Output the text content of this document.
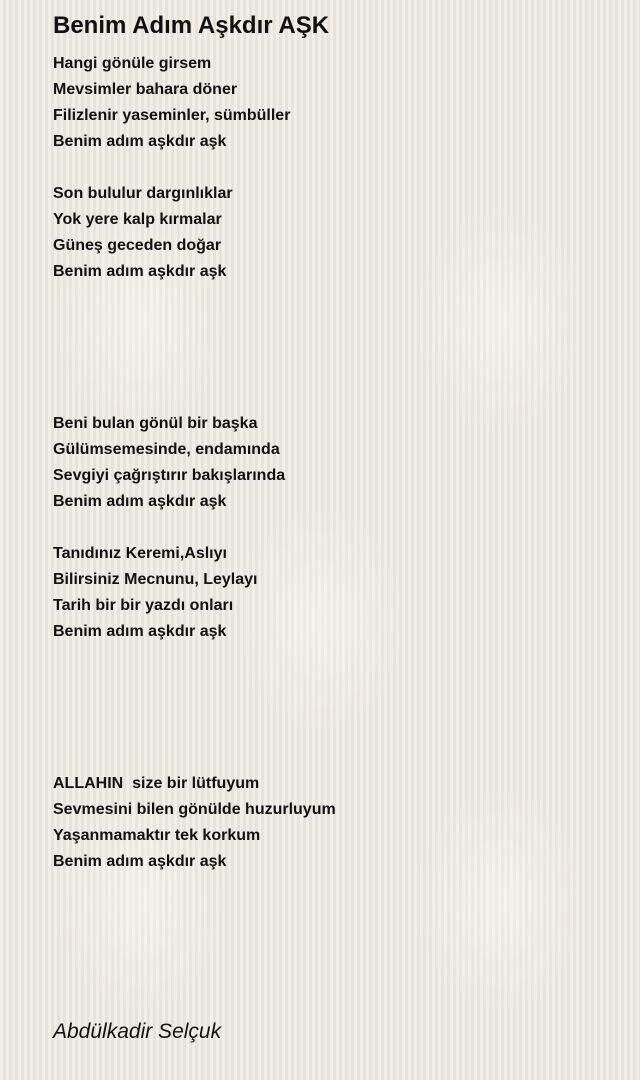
Benim Adım Aşkdır AŞK
Hangi gönüle girsem
Mevsimler bahara döner
Filizlenir yaseminler, sümbüller
Benim adım aşkdır aşk
Son bululur dargınlıklar
Yok yere kalp kırmalar
Güneş geceden doğar
Benim adım aşkdır aşk
Beni bulan gönül bir başka
Gülümsemesinde, endamında
Sevgiyi çağrıştırır bakışlarında
Benim adım aşkdır aşk
Tanıdınız Keremi,Aslıyı
Bilirsiniz Mecnunu, Leylayı
Tarih bir bir yazdı onları
Benim adım aşkdır aşk
ALLAHIN  size bir lütfuyum
Sevmesini bilen gönülde huzurluyum
Yaşanmamaktır tek korkum
Benim adım aşkdır aşk
Abdülkadir Selçuk
